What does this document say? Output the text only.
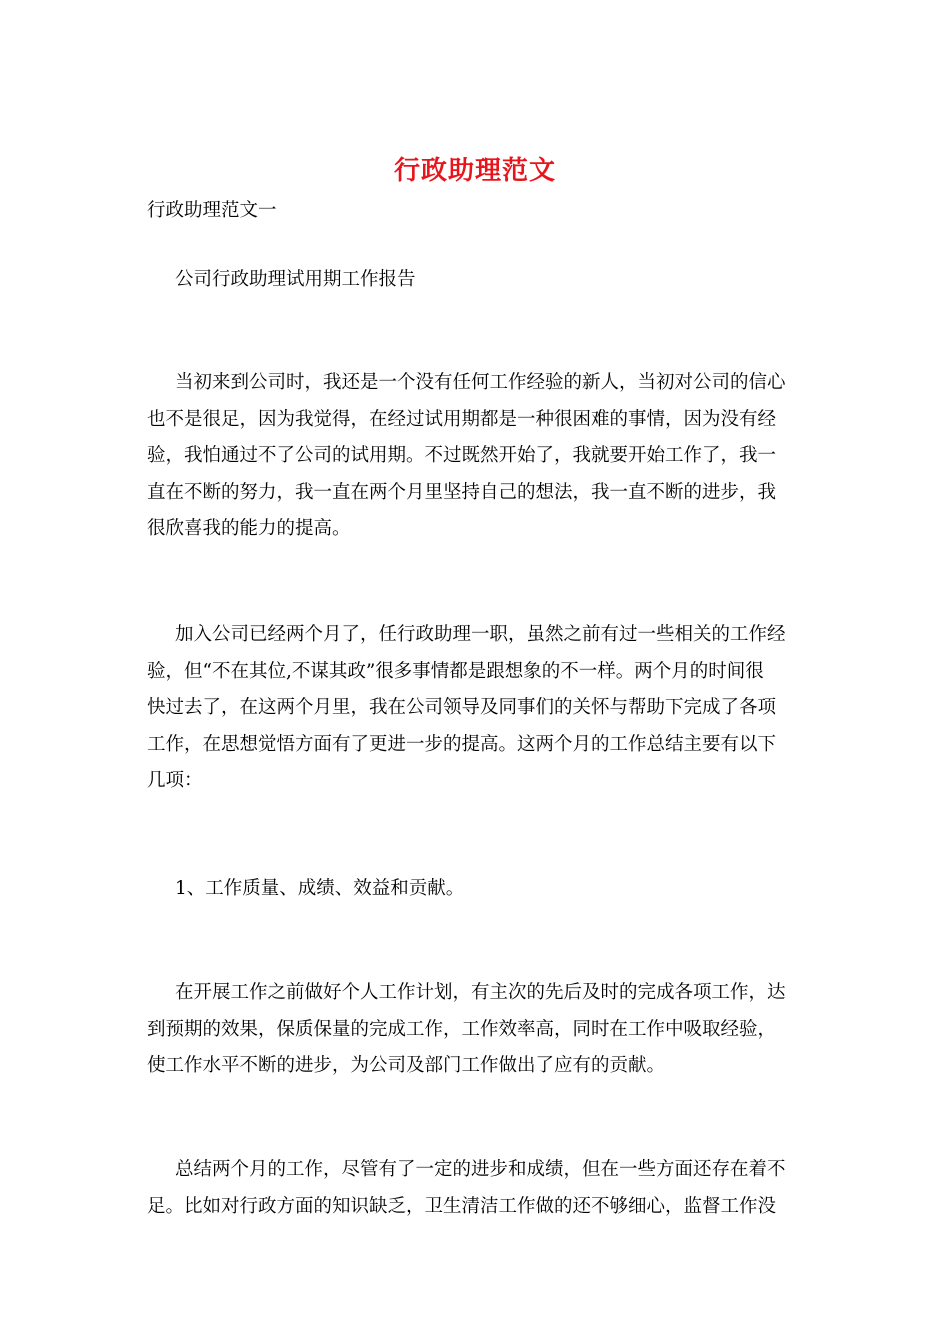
行政助理范文
行政助理范文一
公司行政助理试用期工作报告
当初来到公司时，我还是一个没有任何工作经验的新人，当初对公司的信心
也不是很足，因为我觉得，在经过试用期都是一种很困难的事情，因为没有经
验，我怕通过不了公司的试用期。不过既然开始了，我就要开始工作了，我一
直在不断的努力，我一直在两个月里坚持自己的想法，我一直不断的进步，我
很欣喜我的能力的提高。
加入公司已经两个月了，任行政助理一职，虽然之前有过一些相关的工作经
验，但“不在其位,不谋其政”很多事情都是跟想象的不一样。两个月的时间很
快过去了，在这两个月里，我在公司领导及同事们的关怀与帮助下完成了各项
工作，在思想觉悟方面有了更进一步的提高。这两个月的工作总结主要有以下
几项：
1、工作质量、成绩、效益和贡献。
在开展工作之前做好个人工作计划，有主次的先后及时的完成各项工作，达
到预期的效果，保质保量的完成工作，工作效率高，同时在工作中吸取经验，
使工作水平不断的进步，为公司及部门工作做出了应有的贡献。
总结两个月的工作，尽管有了一定的进步和成绩，但在一些方面还存在着不
足。比如对行政方面的知识缺乏，卫生清洁工作做的还不够细心，监督工作没
